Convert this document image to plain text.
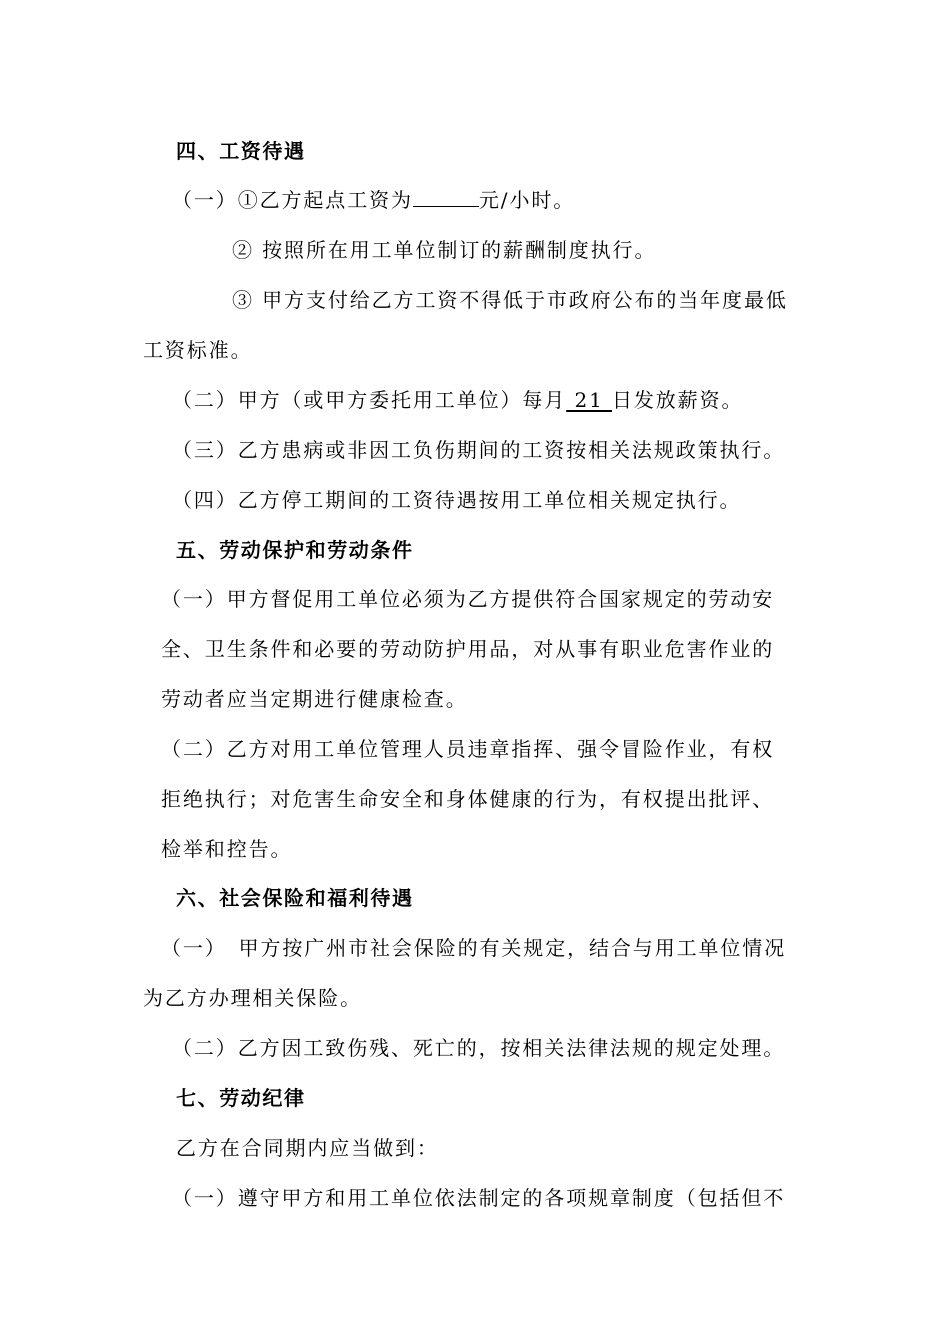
四、工资待遇
（一）①乙方起点工资为	元/小时。
② 按照所在用工单位制订的薪酬制度执行。
③ 甲方支付给乙方工资不得低于市政府公布的当年度最低
工资标准。
（二）甲方（或甲方委托用工单位）每月 21 日发放薪资。
（三）乙方患病或非因工负伤期间的工资按相关法规政策执行。
（四）乙方停工期间的工资待遇按用工单位相关规定执行。
五、劳动保护和劳动条件
（一）甲方督促用工单位必须为乙方提供符合国家规定的劳动安
全、卫生条件和必要的劳动防护用品，对从事有职业危害作业的
劳动者应当定期进行健康检查。
（二）乙方对用工单位管理人员违章指挥、强令冒险作业，有权
拒绝执行；对危害生命安全和身体健康的行为，有权提出批评、
检举和控告。
六、社会保险和福利待遇
（一）　甲方按广州市社会保险的有关规定，结合与用工单位情况
为乙方办理相关保险。
（二）乙方因工致伤残、死亡的，按相关法律法规的规定处理。
七、劳动纪律
乙方在合同期内应当做到：
（一）遵守甲方和用工单位依法制定的各项规章制度（包括但不
